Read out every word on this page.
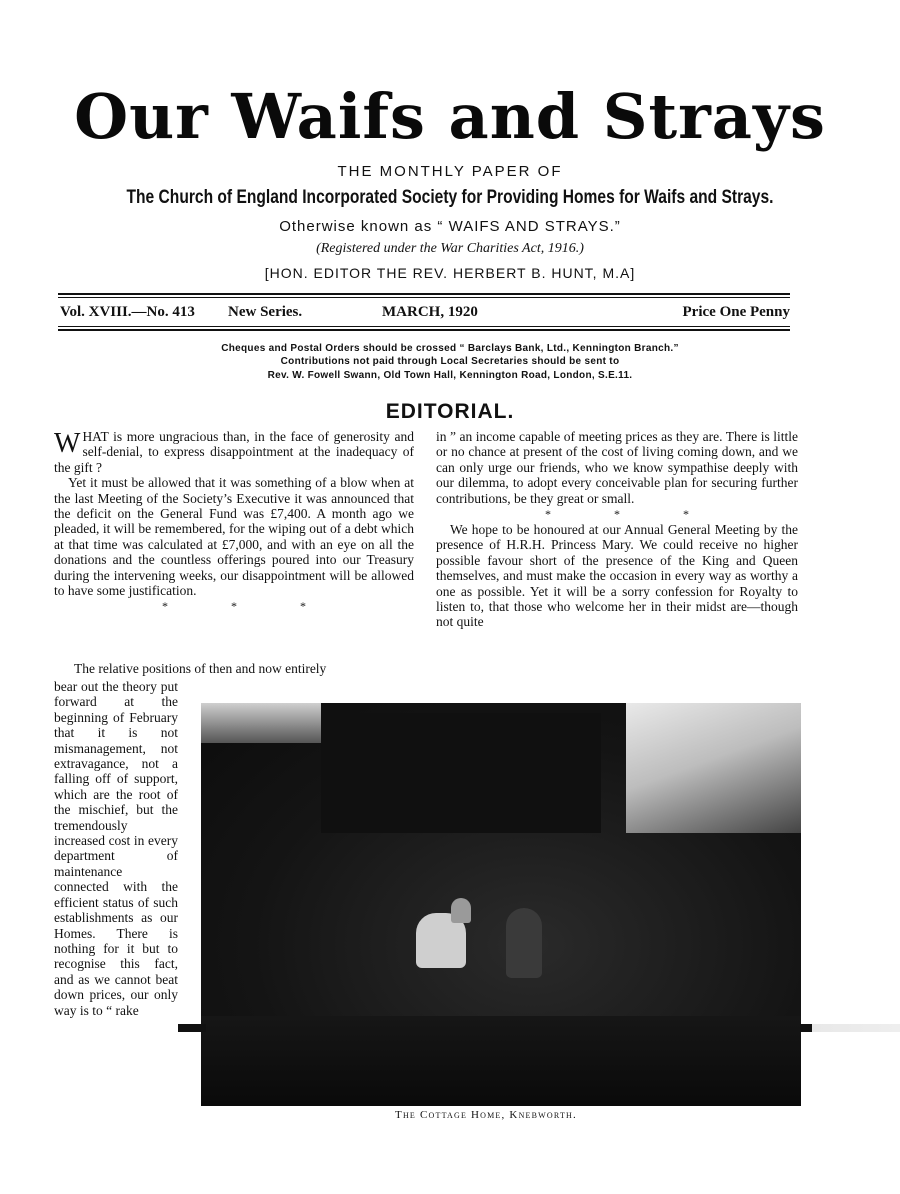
Our Waifs and Strays
THE MONTHLY PAPER OF
The Church of England Incorporated Society for Providing Homes for Waifs and Strays.
Otherwise known as “ WAIFS AND STRAYS.”
(Registered under the War Charities Act, 1916.)
[HON. EDITOR THE REV. HERBERT B. HUNT, M.A]
Vol. XVIII.—No. 413 New Series.	MARCH, 1920	Price One Penny
Cheques and Postal Orders should be crossed “ Barclays Bank, Ltd., Kennington Branch.”
Contributions not paid through Local Secretaries should be sent to
Rev. W. Fowell Swann, Old Town Hall, Kennington Road, London, S.E.11.
EDITORIAL.

WHAT is more ungracious than, in the face of generosity and self-denial, to express disappointment at the inadequacy of the gift ?

Yet it must be allowed that it was something of a blow when at the last Meeting of the Society’s Executive it was announced that the deficit on the General Fund was £7,400. A month ago we pleaded, it will be remembered, for the wiping out of a debt which at that time was calculated at £7,000, and with an eye on all the donations and the countless offerings poured into our Treasury during the intervening weeks, our disappointment will be allowed to have some justification.

* * *
The relative positions of then and now entirely
bear out the theory put forward at the beginning of February that it is not mismanagement, not extravagance, not a falling off of support, which are the root of the mischief, but the tremendously increased cost in every department of maintenance connected with the efficient status of such establishments as our Homes. There is nothing for it but to recognise this fact, and as we cannot beat down prices, our only way is to “ rake

in ” an income capable of meeting prices as they are. There is little or no chance at present of the cost of living coming down, and we can only urge our friends, who we know sympathise deeply with our dilemma, to adopt every conceivable plan for securing further contributions, be they great or small.

* * *

We hope to be honoured at our Annual General Meeting by the presence of H.R.H. Princess Mary. We could receive no higher possible favour short of the presence of the King and Queen themselves, and must make the occasion in every way as worthy a one as possible. Yet it will be a sorry confession for Royalty to listen to, that those who welcome her in their midst are—though not quite

The Cottage Home, Knebworth.
